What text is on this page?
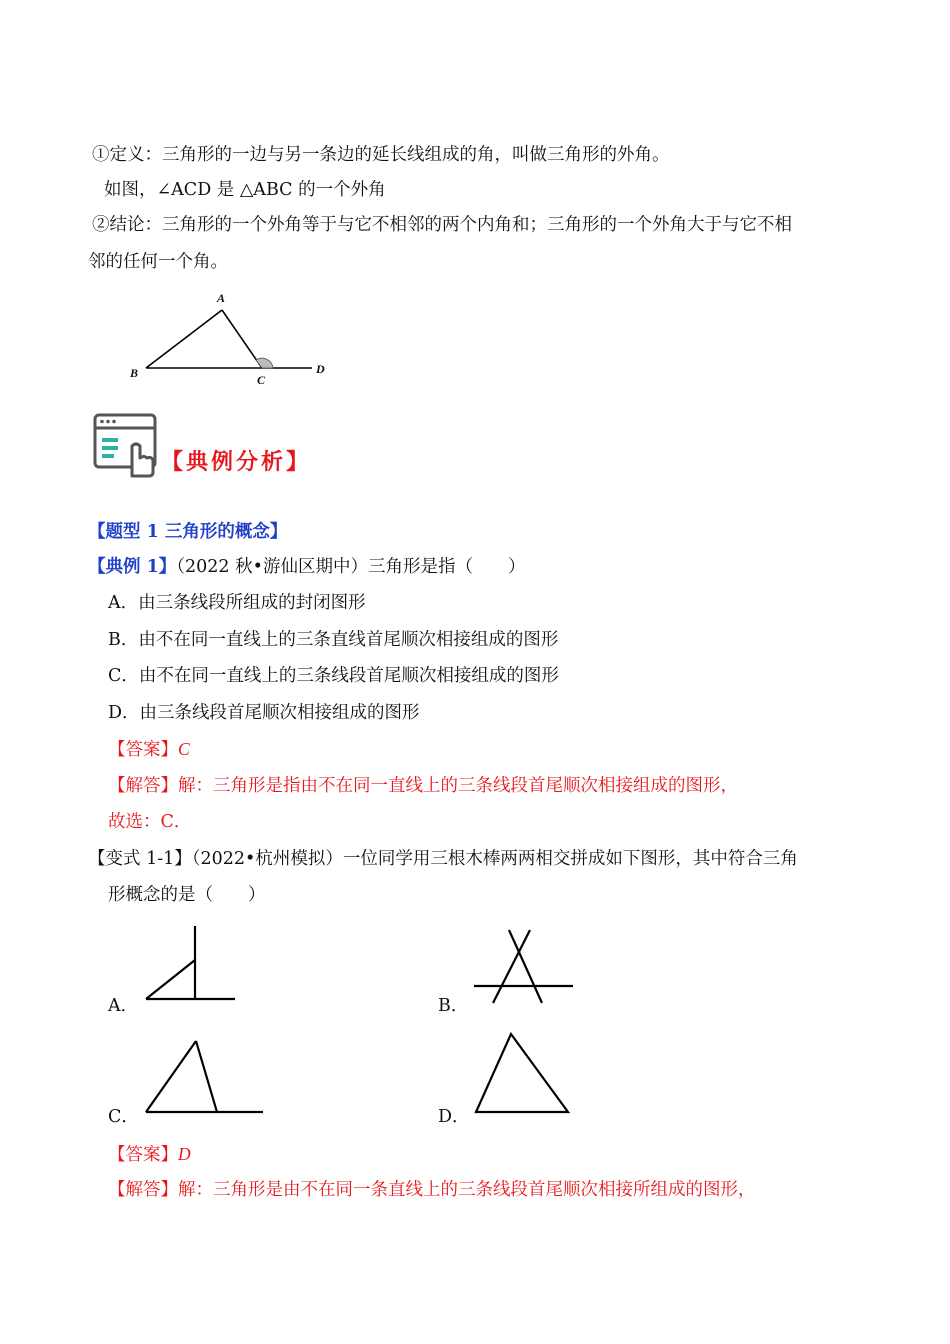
①定义：三角形的一边与另一条边的延长线组成的角，叫做三角形的外角。
如图，∠ACD 是 △ABC 的一个外角
②结论：三角形的一个外角等于与它不相邻的两个内角和；三角形的一个外角大于与它不相
邻的任何一个角。
A
B	C
D
【典例分析】
【题型 1 三角形的概念】
【典例 1】（2022 秋•游仙区期中）三角形是指（　　）
A．由三条线段所组成的封闭图形
B．由不在同一直线上的三条直线首尾顺次相接组成的图形
C．由不在同一直线上的三条线段首尾顺次相接组成的图形
D．由三条线段首尾顺次相接组成的图形
【答案】C
【解答】解：三角形是指由不在同一直线上的三条线段首尾顺次相接组成的图形，
故选：C．
【变式 1-1】（2022•杭州模拟）一位同学用三根木棒两两相交拼成如下图形，其中符合三角
形概念的是（　　）
A．	B．
C．	D．
【答案】D
【解答】解：三角形是由不在同一条直线上的三条线段首尾顺次相接所组成的图形，
